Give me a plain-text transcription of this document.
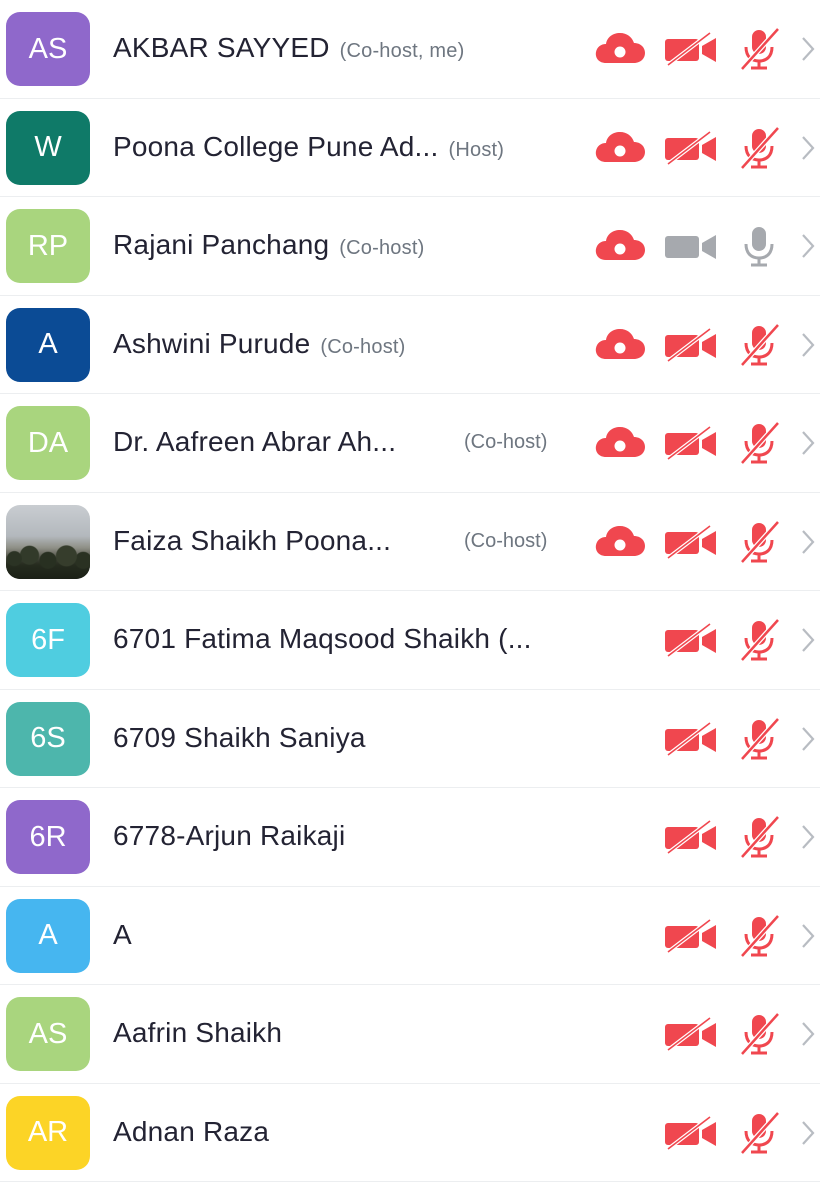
AS	AKBAR SAYYED (Co-host, me)
W	Poona College Pune Ad... (Host)
RP	Rajani Panchang (Co-host)
A	Ashwini Purude (Co-host)
DA	Dr. Aafreen Abrar Ah...	(Co-host)
Faiza Shaikh Poona...	(Co-host)
6F	6701 Fatima Maqsood Shaikh (...
6S	6709 Shaikh Saniya
6R	6778-Arjun Raikaji
A	A
AS	Aafrin Shaikh
AR	Adnan Raza
